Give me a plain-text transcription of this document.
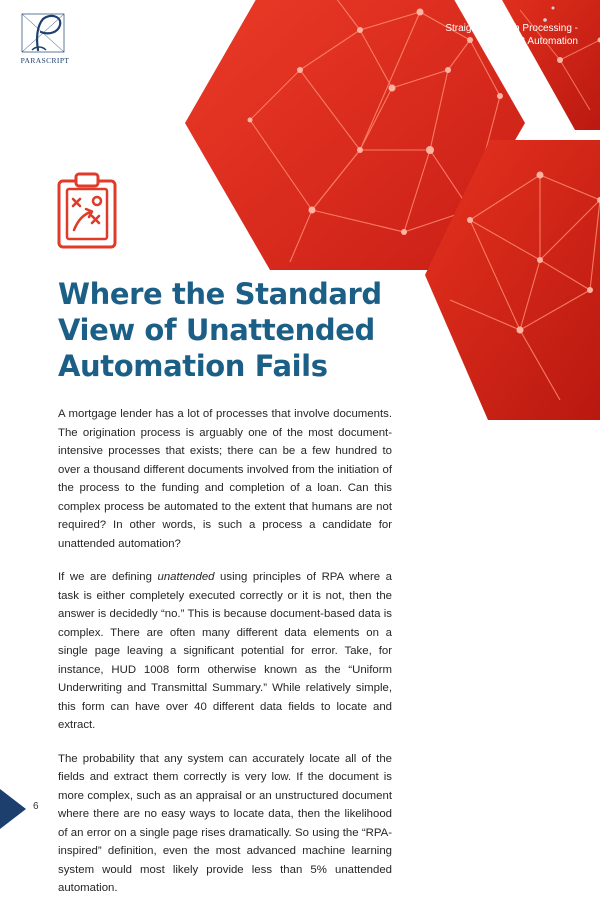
PARASCRIPT
Straight Through Processing -
Document Automation
Where the Standard
View of Unattended
Automation Fails

A mortgage lender has a lot of processes that involve documents. The origination process is arguably one of the most document-intensive processes that exists; there can be a few hundred to over a thousand different documents involved from the initiation of the process to the funding and completion of a loan. Can this complex process be automated to the extent that humans are not required? In other words, is such a process a candidate for unattended automation?

If we are defining unattended using principles of RPA where a task is either completely executed correctly or it is not, then the answer is decidedly “no.” This is because document-based data is complex. There are often many different data elements on a single page leaving a significant potential for error. Take, for instance, HUD 1008 form otherwise known as the “Uniform Underwriting and Transmittal Summary.” While relatively simple, this form can have over 40 different data fields to locate and extract.

The probability that any system can accurately locate all of the fields and extract them correctly is very low. If the document is more complex, such as an appraisal or an unstructured document where there are no easy ways to locate data, then the likelihood of an error on a single page rises dramatically. So using the “RPA-inspired” definition, even the most advanced machine learning system would most likely provide less than 5% unattended automation.

6
